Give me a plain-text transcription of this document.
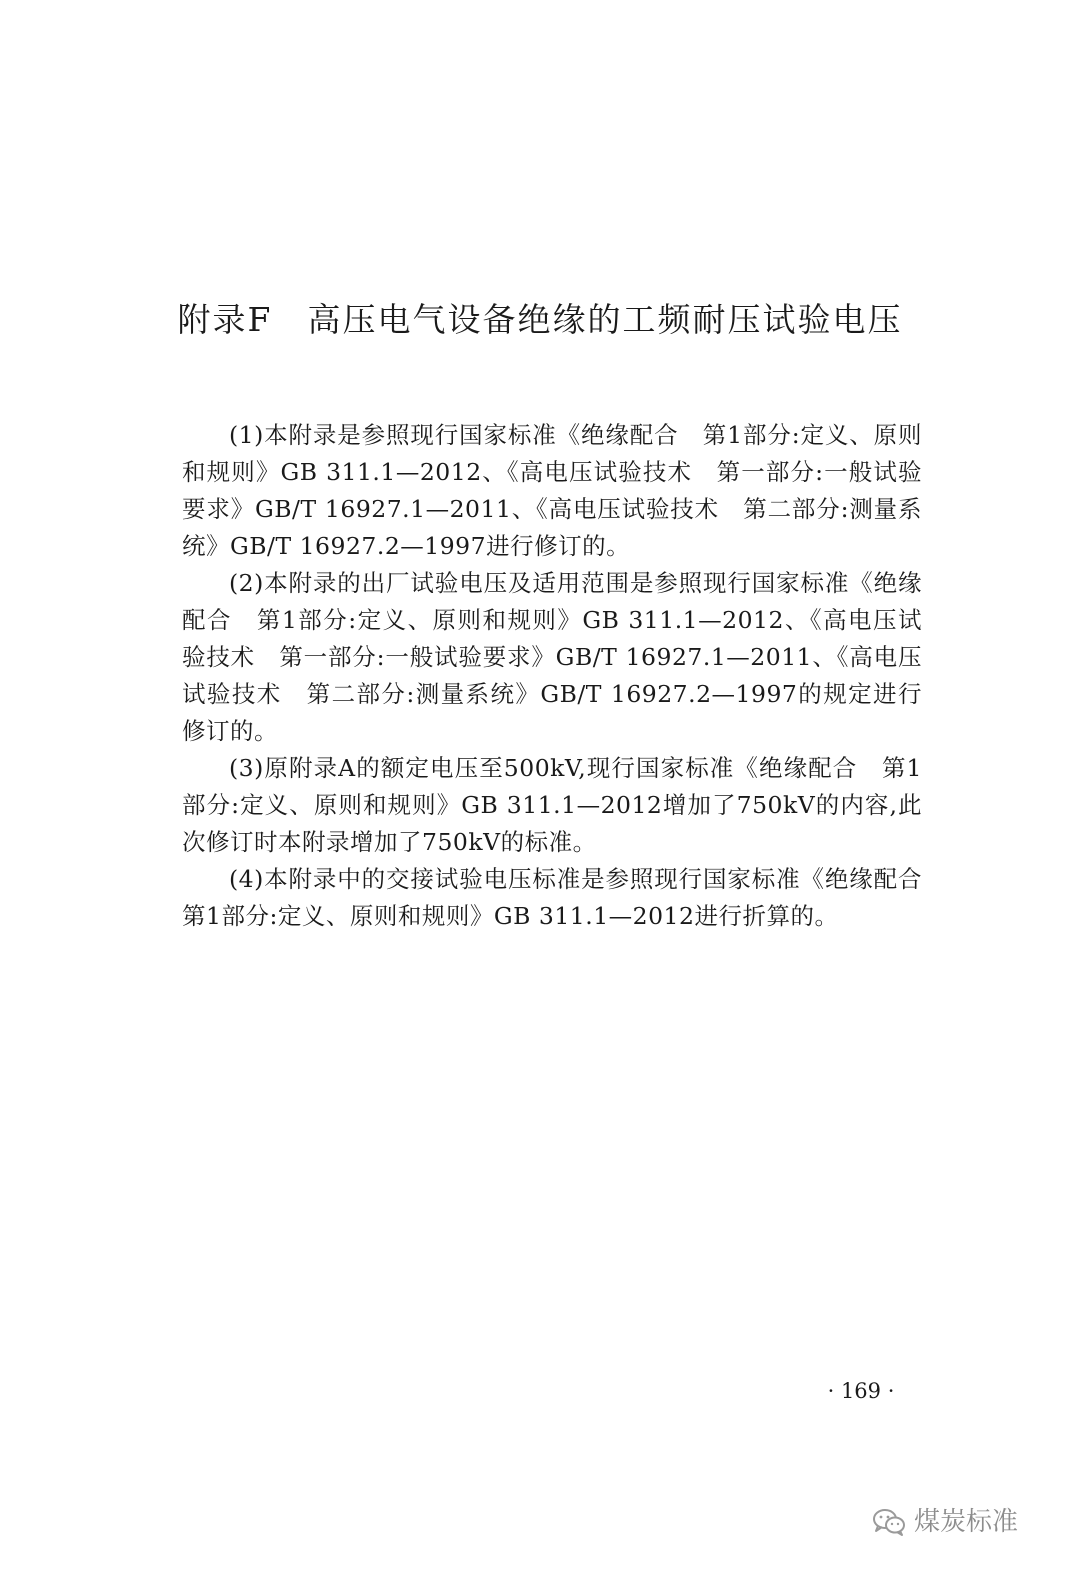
附录F　高压电气设备绝缘的工频耐压试验电压

(1)本附录是参照现行国家标准《绝缘配合　第1部分:定义、原则和规则》GB 311.1—2012、《高电压试验技术　第一部分:一般试验要求》GB/T 16927.1—2011、《高电压试验技术　第二部分:测量系统》GB/T 16927.2—1997进行修订的。

(2)本附录的出厂试验电压及适用范围是参照现行国家标准《绝缘配合　第1部分:定义、原则和规则》GB 311.1—2012、《高电压试验技术　第一部分:一般试验要求》GB/T 16927.1—2011、《高电压试验技术　第二部分:测量系统》GB/T 16927.2—1997的规定进行修订的。

(3)原附录A的额定电压至500kV,现行国家标准《绝缘配合　第1部分:定义、原则和规则》GB 311.1—2012增加了750kV的内容,此次修订时本附录增加了750kV的标准。

(4)本附录中的交接试验电压标准是参照现行国家标准《绝缘配合　第1部分:定义、原则和规则》GB 311.1—2012进行折算的。

· 169 ·
煤炭标准
